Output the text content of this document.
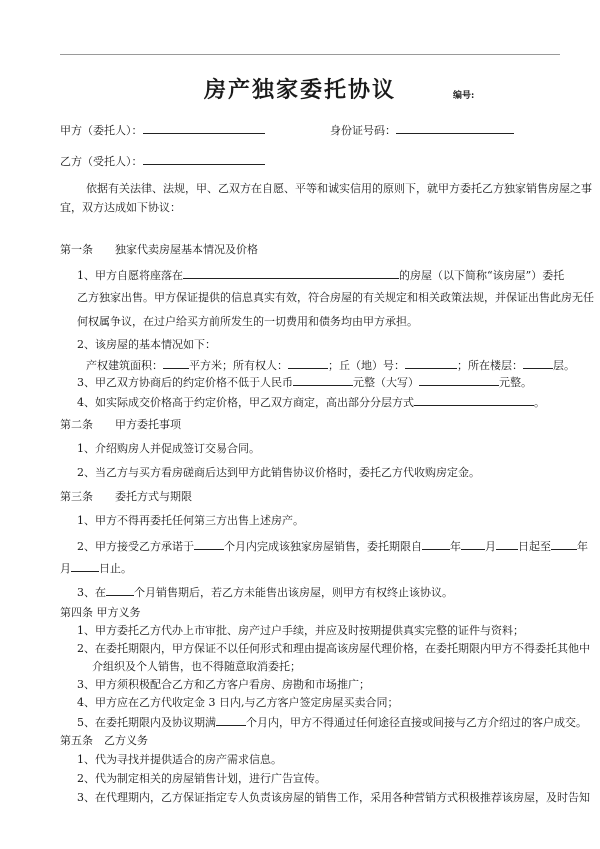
房产独家委托协议	编号:
甲方（委托人）：	身份证号码：
乙方（受托人）：
依据有关法律、法规，甲、乙双方在自愿、平等和诚实信用的原则下，就甲方委托乙方独家销售房屋之事
宜，双方达成如下协议：
第一条　　独家代卖房屋基本情况及价格
1、甲方自愿将座落在	的房屋（以下简称“该房屋”）委托
乙方独家出售。甲方保证提供的信息真实有效，符合房屋的有关规定和相关政策法规，并保证出售此房无任
何权属争议，在过户给买方前所发生的一切费用和债务均由甲方承担。
2、该房屋的基本情况如下：
产权建筑面积： 平方米；所有权人：	；丘（地）号：	；所在楼层：	层。
3、甲乙双方协商后的约定价格不低于人民币	元整（大写）	元整。
4、如实际成交价格高于约定价格，甲乙双方商定，高出部分分层方式	。
第二条　　甲方委托事项
1、介绍购房人并促成签订交易合同。
2、当乙方与买方看房磋商后达到甲方此销售协议价格时，委托乙方代收购房定金。
第三条　　委托方式与期限
1、甲方不得再委托任何第三方出售上述房产。
2、甲方接受乙方承诺于	个月内完成该独家房屋销售，委托期限自	年 月 日起至 年
月	日止。
3、在	个月销售期后，若乙方未能售出该房屋，则甲方有权终止该协议。
第四条 甲方义务
1、甲方委托乙方代办上市审批、房产过户手续，并应及时按期提供真实完整的证件与资料；
2、在委托期限内，甲方保证不以任何形式和理由提高该房屋代理价格，在委托期限内甲方不得委托其他中
介组织及个人销售，也不得随意取消委托；
3、甲方须积极配合乙方和乙方客户看房、房勘和市场推广；
4、甲方应在乙方代收定金 3 日内,与乙方客户签定房屋买卖合同；
5、在委托期限内及协议期满	个月内，甲方不得通过任何途径直接或间接与乙方介绍过的客户成交。
第五条　乙方义务
1、代为寻找并提供适合的房产需求信息。
2、代为制定相关的房屋销售计划，进行广告宣传。
3、在代理期内，乙方保证指定专人负责该房屋的销售工作，采用各种营销方式积极推荐该房屋，及时告知
